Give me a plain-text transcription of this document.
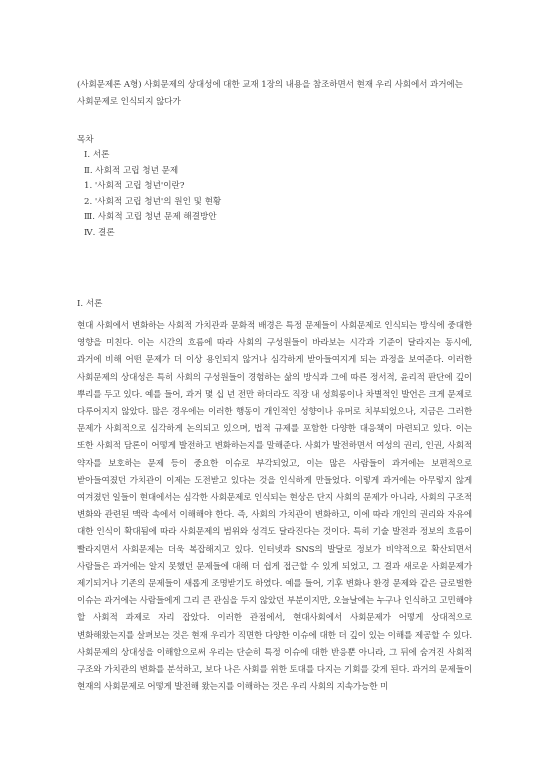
(사회문제론 A형) 사회문제의 상대성에 대한 교재 1장의 내용을 참조하면서 현재 우리 사회에서 과거에는 사회문제로 인식되지 않다가
목차
Ⅰ. 서론
Ⅱ. 사회적 고립 청년 문제
1. '사회적 고립 청년'이란?
2. '사회적 고립 청년'의 원인 및 현황
Ⅲ. 사회적 고립 청년 문제 해결방안
Ⅳ. 결론
Ⅰ. 서론
현대 사회에서 변화하는 사회적 가치관과 문화적 배경은 특정 문제들이 사회문제로 인식되는 방식에 중대한 영향을 미친다. 이는 시간의 흐름에 따라 사회의 구성원들이 바라보는 시각과 기준이 달라지는 동시에, 과거에 비해 어떤 문제가 더 이상 용인되지 않거나 심각하게 받아들여지게 되는 과정을 보여준다. 이러한 사회문제의 상대성은 특히 사회의 구성원들이 경험하는 삶의 방식과 그에 따른 정서적, 윤리적 판단에 깊이 뿌리를 두고 있다. 예를 들어, 과거 몇 십 년 전만 하더라도 직장 내 성희롱이나 차별적인 발언은 크게 문제로 다루어지지 않았다. 많은 경우에는 이러한 행동이 개인적인 성향이나 유머로 치부되었으나, 지금은 그러한 문제가 사회적으로 심각하게 논의되고 있으며, 법적 규제를 포함한 다양한 대응책이 마련되고 있다. 이는 또한 사회적 담론이 어떻게 발전하고 변화하는지를 말해준다. 사회가 발전하면서 여성의 권리, 인권, 사회적 약자를 보호하는 문제 등이 중요한 이슈로 부각되었고, 이는 많은 사람들이 과거에는 보편적으로 받아들여졌던 가치관이 이제는 도전받고 있다는 것을 인식하게 만들었다. 이렇게 과거에는 아무렇지 않게 여겨졌던 일들이 현대에서는 심각한 사회문제로 인식되는 현상은 단지 사회의 문제가 아니라, 사회의 구조적 변화와 관련된 맥락 속에서 이해해야 한다. 즉, 사회의 가치관이 변화하고, 이에 따라 개인의 권리와 자유에 대한 인식이 확대됨에 따라 사회문제의 범위와 성격도 달라진다는 것이다. 특히 기술 발전과 정보의 흐름이 빨라지면서 사회문제는 더욱 복잡해지고 있다. 인터넷과 SNS의 발달로 정보가 비약적으로 확산되면서 사람들은 과거에는 알지 못했던 문제들에 대해 더 쉽게 접근할 수 있게 되었고, 그 결과 새로운 사회문제가 제기되거나 기존의 문제들이 새롭게 조명받기도 하였다. 예를 들어, 기후 변화나 환경 문제와 같은 글로벌한 이슈는 과거에는 사람들에게 그리 큰 관심을 두지 않았던 부분이지만, 오늘날에는 누구나 인식하고 고민해야 할 사회적 과제로 자리 잡았다. 이러한 관점에서, 현대사회에서 사회문제가 어떻게 상대적으로 변화해왔는지를 살펴보는 것은 현재 우리가 직면한 다양한 이슈에 대한 더 깊이 있는 이해를 제공할 수 있다. 사회문제의 상대성을 이해함으로써 우리는 단순히 특정 이슈에 대한 반응뿐 아니라, 그 뒤에 숨겨진 사회적 구조와 가치관의 변화를 분석하고, 보다 나은 사회를 위한 토대를 다지는 기회를 갖게 된다. 과거의 문제들이 현재의 사회문제로 어떻게 발전해 왔는지를 이해하는 것은 우리 사회의 지속가능한 미
